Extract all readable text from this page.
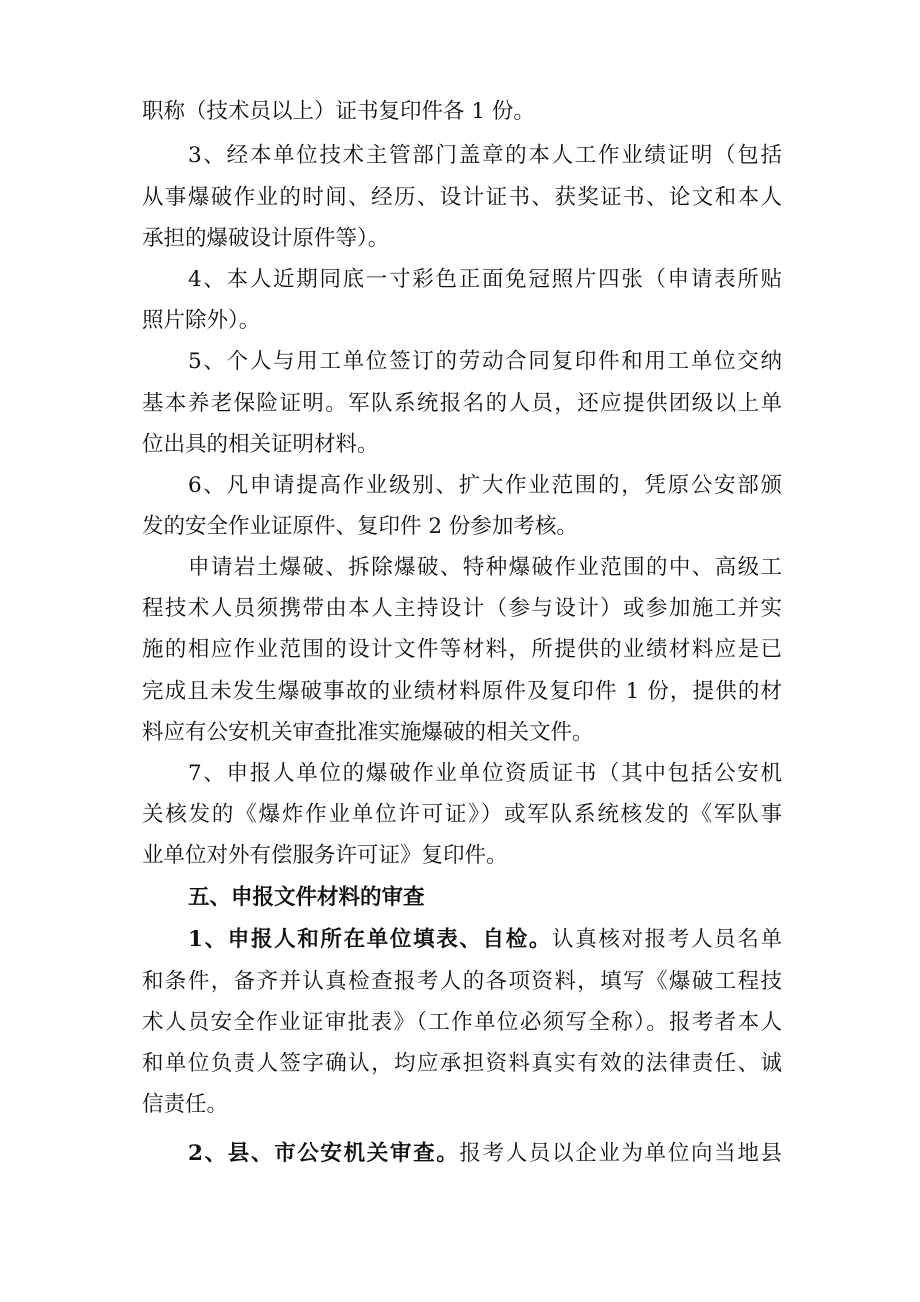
职称（技术员以上）证书复印件各 1 份。
3、经本单位技术主管部门盖章的本人工作业绩证明（包括
从事爆破作业的时间、经历、设计证书、获奖证书、论文和本人
承担的爆破设计原件等）。
4、本人近期同底一寸彩色正面免冠照片四张（申请表所贴
照片除外）。
5、个人与用工单位签订的劳动合同复印件和用工单位交纳
基本养老保险证明。军队系统报名的人员，还应提供团级以上单
位出具的相关证明材料。
6、凡申请提高作业级别、扩大作业范围的，凭原公安部颁
发的安全作业证原件、复印件 2 份参加考核。
申请岩土爆破、拆除爆破、特种爆破作业范围的中、高级工
程技术人员须携带由本人主持设计（参与设计）或参加施工并实
施的相应作业范围的设计文件等材料，所提供的业绩材料应是已
完成且未发生爆破事故的业绩材料原件及复印件 1 份，提供的材
料应有公安机关审查批准实施爆破的相关文件。
7、申报人单位的爆破作业单位资质证书（其中包括公安机
关核发的《爆炸作业单位许可证》）或军队系统核发的《军队事
业单位对外有偿服务许可证》复印件。
五、申报文件材料的审查
1、申报人和所在单位填表、自检。认真核对报考人员名单
和条件，备齐并认真检查报考人的各项资料，填写《爆破工程技
术人员安全作业证审批表》（工作单位必须写全称）。报考者本人
和单位负责人签字确认，均应承担资料真实有效的法律责任、诚
信责任。
2、县、市公安机关审查。报考人员以企业为单位向当地县
